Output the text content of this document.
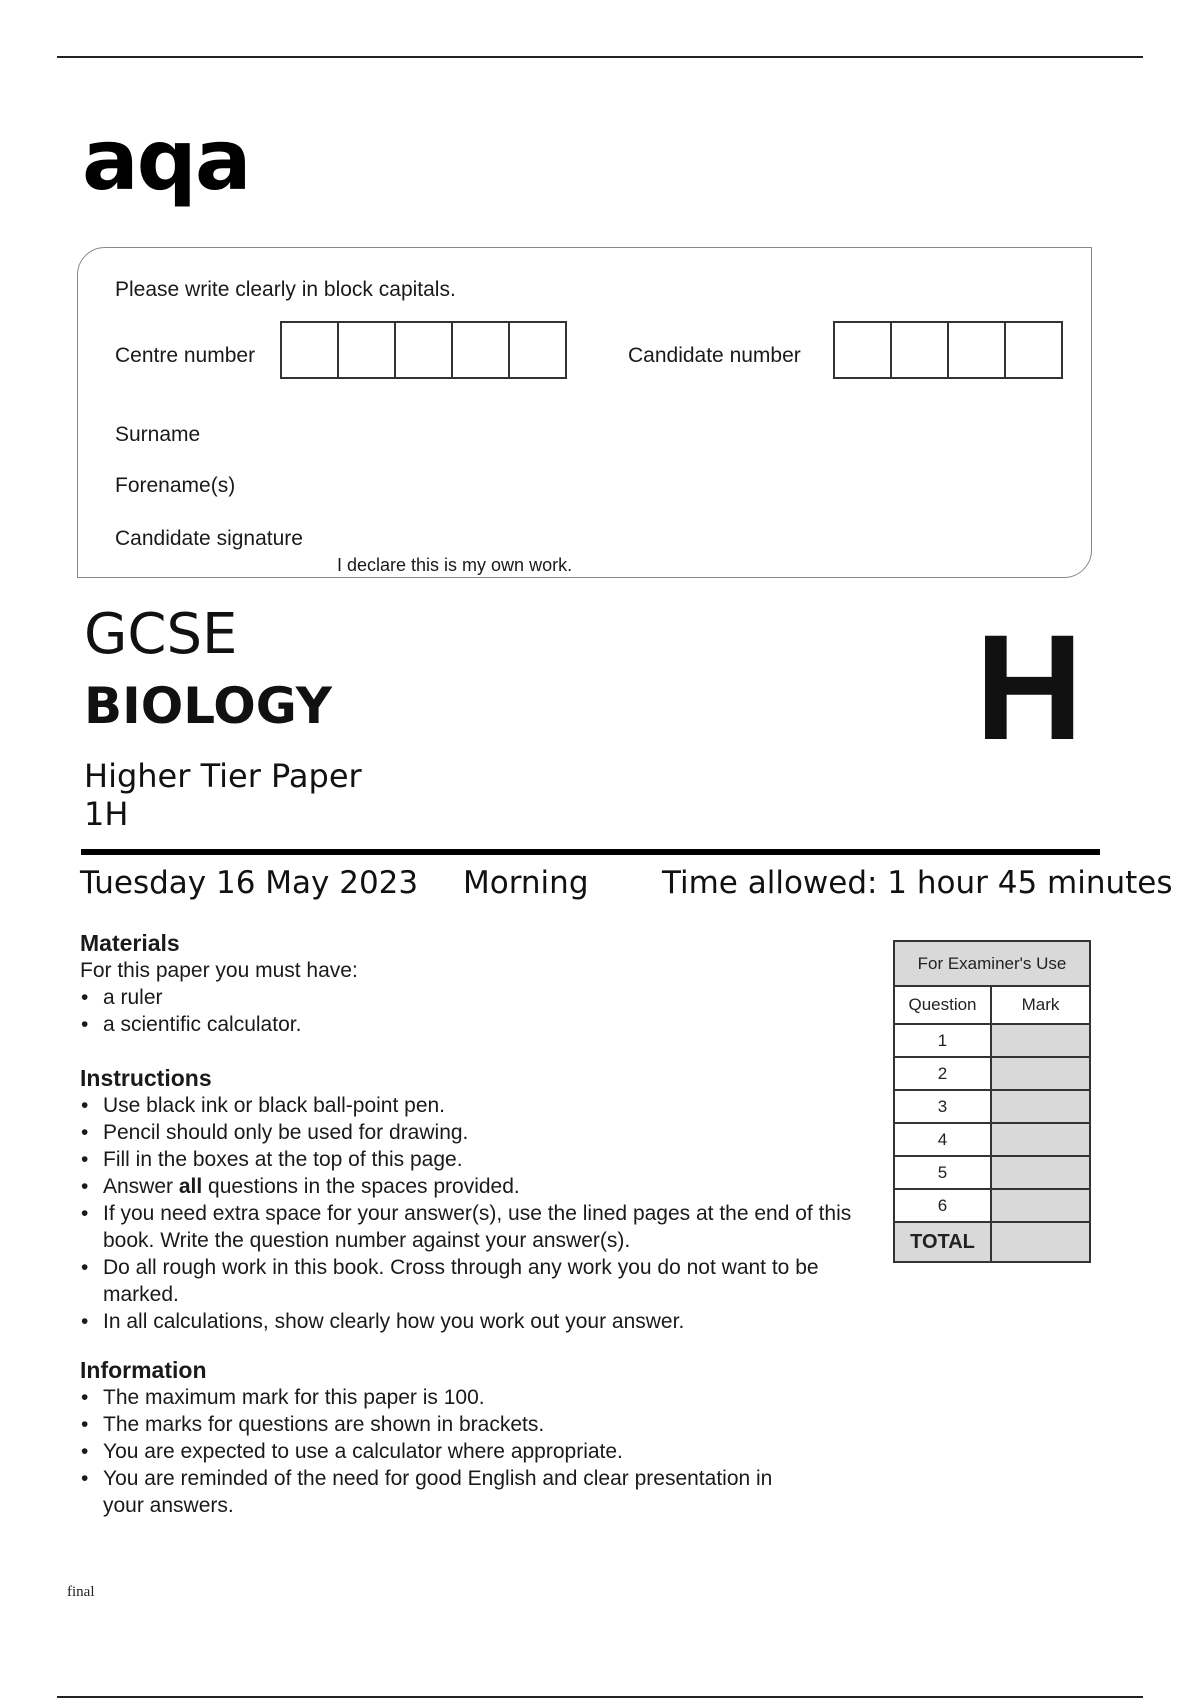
aqa
Please write clearly in block capitals.
Centre number	Candidate number
Surname
Forename(s)
Candidate signature
I declare this is my own work.
GCSE
BIOLOGY
Higher Tier Paper
1H
H
Tuesday 16 May 2023 Morning Time allowed: 1 hour 45 minutes
Materials
For this paper you must have:
• a ruler
• a scientific calculator.
Instructions
• Use black ink or black ball-point pen.
• Pencil should only be used for drawing.
• Fill in the boxes at the top of this page.
• Answer all questions in the spaces provided.
• If you need extra space for your answer(s), use the lined pages at the end of this book. Write the question number against your answer(s).
• Do all rough work in this book. Cross through any work you do not want to be marked.
• In all calculations, show clearly how you work out your answer.
Information
• The maximum mark for this paper is 100.
• The marks for questions are shown in brackets.
• You are expected to use a calculator where appropriate.
• You are reminded of the need for good English and clear presentation in your answers.
For Examiner's Use	
Question	Mark
1	
2	
3	
4	
5	
6	
TOTAL	
final
